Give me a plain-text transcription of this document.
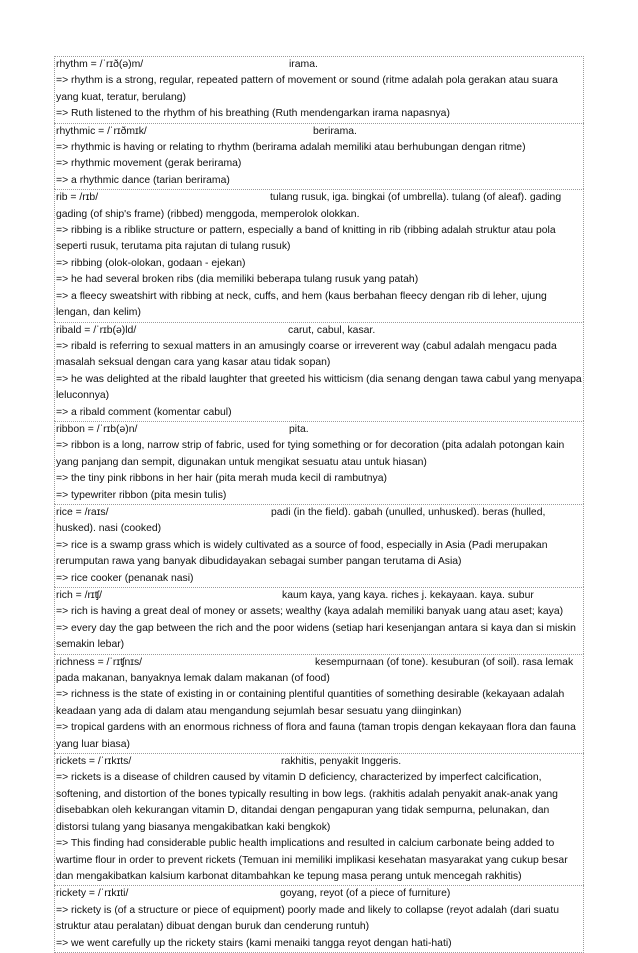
rhythm = /ˈrɪð(ə)m/	irama.

=> rhythm is a strong, regular, repeated pattern of movement or sound (ritme adalah pola gerakan atau suara yang kuat, teratur, berulang)

=> Ruth listened to the rhythm of his breathing (Ruth mendengarkan irama napasnya)

rhythmic = /ˈrɪðmɪk/	berirama.

=> rhythmic is having or relating to rhythm (berirama adalah memiliki atau berhubungan dengan ritme)

=> rhythmic movement (gerak berirama)

=> a rhythmic dance (tarian berirama)

rib = /rɪb/	tulang rusuk, iga. bingkai (of umbrella). tulang (of aleaf). gading gading (of ship's frame) (ribbed) menggoda, memperolok olokkan.

=> ribbing is a riblike structure or pattern, especially a band of knitting in rib (ribbing adalah struktur atau pola seperti rusuk, terutama pita rajutan di tulang rusuk)

=> ribbing (olok-olokan, godaan - ejekan)

=> he had several broken ribs (dia memiliki beberapa tulang rusuk yang patah)

=> a fleecy sweatshirt with ribbing at neck, cuffs, and hem (kaus berbahan fleecy dengan rib di leher, ujung lengan, dan kelim)

ribald = /ˈrɪb(ə)ld/	carut, cabul, kasar.

=> ribald is referring to sexual matters in an amusingly coarse or irreverent way (cabul adalah mengacu pada masalah seksual dengan cara yang kasar atau tidak sopan)

=> he was delighted at the ribald laughter that greeted his witticism (dia senang dengan tawa cabul yang menyapa leluconnya)

=> a ribald comment (komentar cabul)

ribbon = /ˈrɪb(ə)n/	pita.

=> ribbon is a long, narrow strip of fabric, used for tying something or for decoration (pita adalah potongan kain yang panjang dan sempit, digunakan untuk mengikat sesuatu atau untuk hiasan)

=> the tiny pink ribbons in her hair (pita merah muda kecil di rambutnya)

=> typewriter ribbon (pita mesin tulis)

rice = /raɪs/	padi (in the field). gabah (unulled, unhusked). beras (hulled, husked). nasi (cooked)

=> rice is a swamp grass which is widely cultivated as a source of food, especially in Asia (Padi merupakan rerumputan rawa yang banyak dibudidayakan sebagai sumber pangan terutama di Asia)

=> rice cooker (penanak nasi)

rich = /rɪʧ/	kaum kaya, yang kaya. riches j. kekayaan. kaya. subur

=> rich is having a great deal of money or assets; wealthy (kaya adalah memiliki banyak uang atau aset; kaya)

=> every day the gap between the rich and the poor widens (setiap hari kesenjangan antara si kaya dan si miskin semakin lebar)

richness = /ˈrɪʧnɪs/	kesempurnaan (of tone). kesuburan (of soil). rasa lemak pada makanan, banyaknya lemak dalam makanan (of food)

=> richness is the state of existing in or containing plentiful quantities of something desirable (kekayaan adalah keadaan yang ada di dalam atau mengandung sejumlah besar sesuatu yang diinginkan)

=> tropical gardens with an enormous richness of flora and fauna (taman tropis dengan kekayaan flora dan fauna yang luar biasa)

rickets = /ˈrɪkɪts/	rakhitis, penyakit Inggeris.

=> rickets is a disease of children caused by vitamin D deficiency, characterized by imperfect calcification, softening, and distortion of the bones typically resulting in bow legs. (rakhitis adalah penyakit anak-anak yang disebabkan oleh kekurangan vitamin D, ditandai dengan pengapuran yang tidak sempurna, pelunakan, dan distorsi tulang yang biasanya mengakibatkan kaki bengkok)

=> This finding had considerable public health implications and resulted in calcium carbonate being added to wartime flour in order to prevent rickets (Temuan ini memiliki implikasi kesehatan masyarakat yang cukup besar dan mengakibatkan kalsium karbonat ditambahkan ke tepung masa perang untuk mencegah rakhitis)

rickety = /ˈrɪkɪti/	goyang, reyot (of a piece of furniture)

=> rickety is (of a structure or piece of equipment) poorly made and likely to collapse (reyot adalah (dari suatu struktur atau peralatan) dibuat dengan buruk dan cenderung runtuh)

=> we went carefully up the rickety stairs (kami menaiki tangga reyot dengan hati-hati)
